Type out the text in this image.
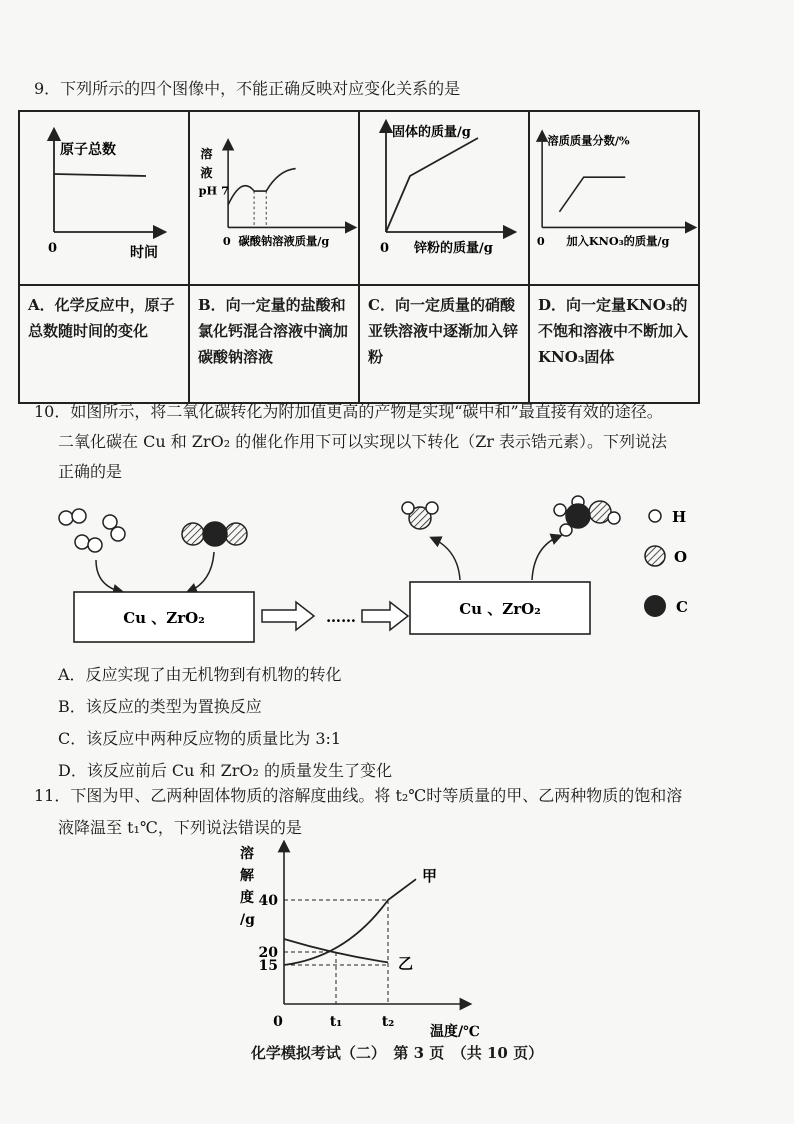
9．下列所示的四个图像中，不能正确反映对应变化关系的是
原子总数
0 时间	溶
液
pH 7
0 碳酸钠溶液质量/g	固体的质量/g
0 锌粉的质量/g	溶质质量分数/%
0 加入KNO₃的质量/g

A．化学反应中，原子总数随时间的变化	B．向一定量的盐酸和氯化钙混合溶液中滴加碳酸钠溶液	C．向一定质量的硝酸亚铁溶液中逐渐加入锌粉	D．向一定量KNO₃的不饱和溶液中不断加入KNO₃固体
10．如图所示，将二氧化碳转化为附加值更高的产物是实现“碳中和”最直接有效的途径。
二氧化碳在 Cu 和 ZrO₂ 的催化作用下可以实现以下转化（Zr 表示锆元素）。下列说法
正确的是
Cu 、ZrO₂	……	Cu 、ZrO₂
H
O
C
A．反应实现了由无机物到有机物的转化
B．该反应的类型为置换反应
C．该反应中两种反应物的质量比为 3:1
D．该反应前后 Cu 和 ZrO₂ 的质量发生了变化
11．下图为甲、乙两种固体物质的溶解度曲线。将 t₂℃时等质量的甲、乙两种物质的饱和溶
液降温至 t₁℃，下列说法错误的是
溶
解
度
/g
15
20
40
0	t₁	t₂
甲
乙
温度/℃
化学模拟考试（二）　第 3 页　（共 10 页）
